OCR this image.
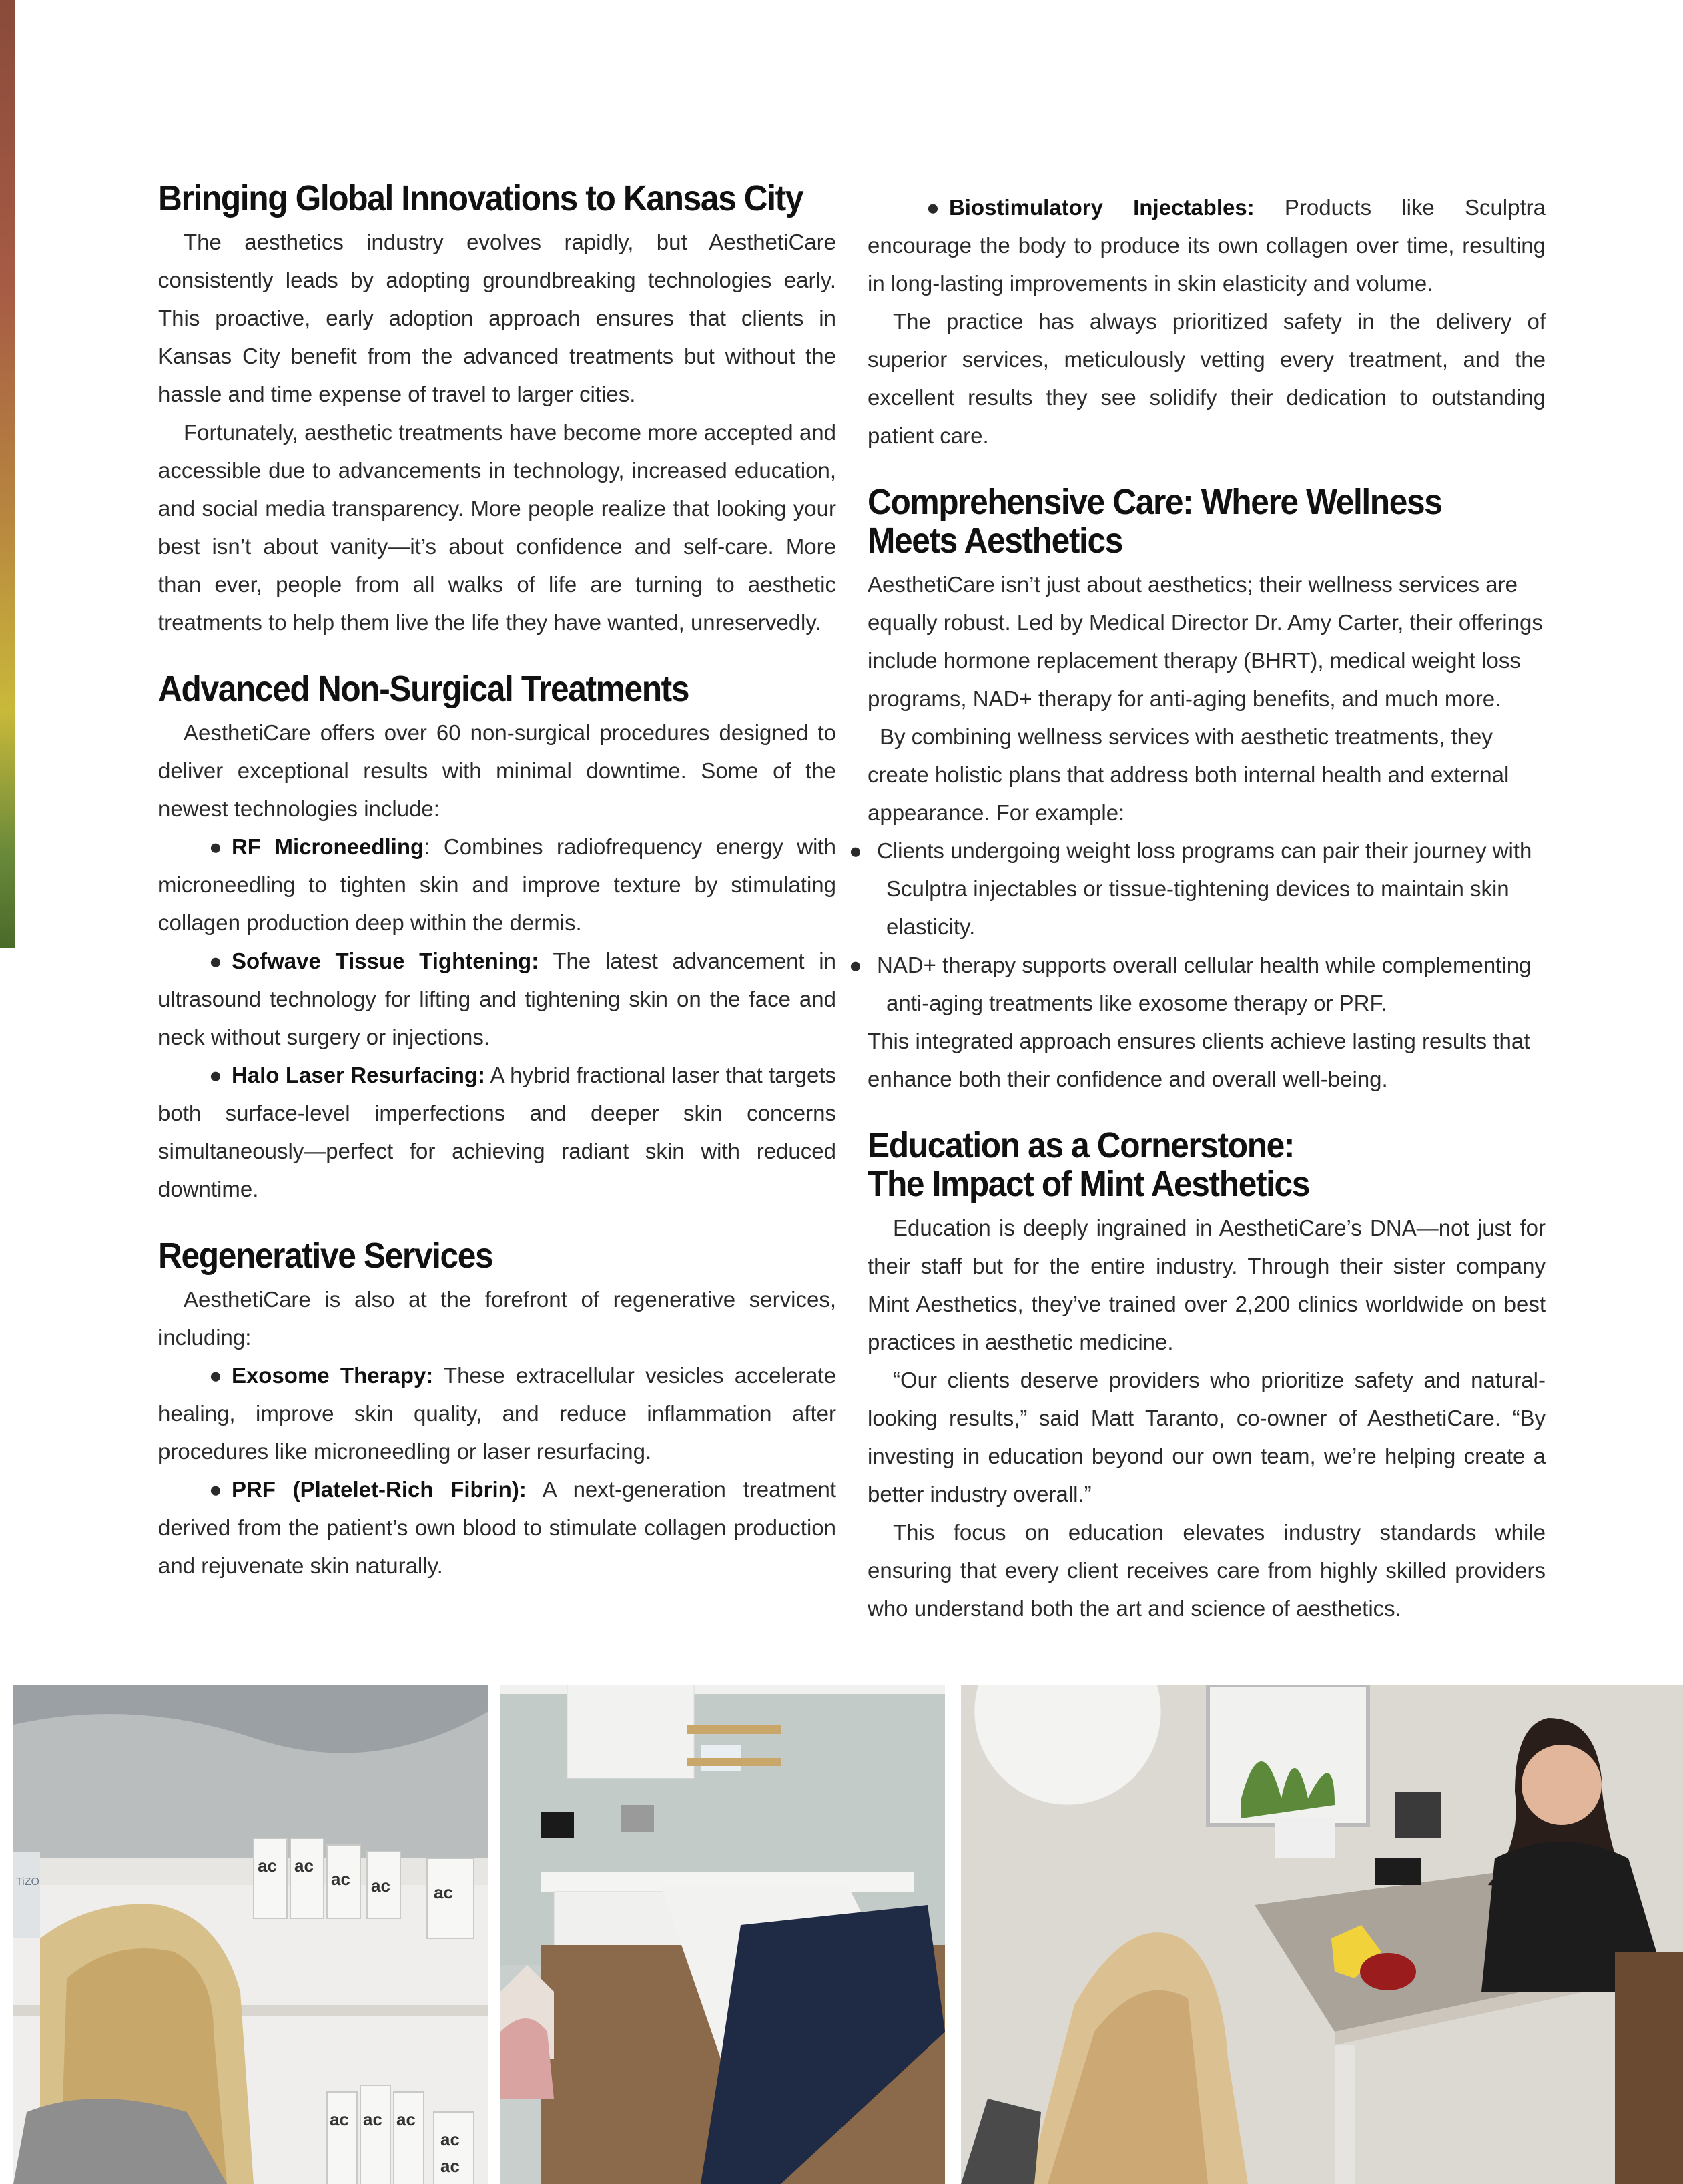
Bringing Global Innovations to Kansas City

The aesthetics industry evolves rapidly, but AesthetiCare consistently leads by adopting groundbreaking technologies early. This proactive, early adoption approach ensures that clients in Kansas City benefit from the advanced treatments but without the hassle and time expense of travel to larger cities.

Fortunately, aesthetic treatments have become more accepted and accessible due to advancements in technology, increased education, and social media transparency. More people realize that looking your best isn’t about vanity—it’s about confidence and self-care. More than ever, people from all walks of life are turning to aesthetic treatments to help them live the life they have wanted, unreservedly.

Advanced Non-Surgical Treatments

AesthetiCare offers over 60 non-surgical procedures designed to deliver exceptional results with minimal downtime. Some of the newest technologies include:

● RF Microneedling: Combines radiofrequency energy with microneedling to tighten skin and improve texture by stimulating collagen production deep within the dermis.

● Sofwave Tissue Tightening: The latest advancement in ultrasound technology for lifting and tightening skin on the face and neck without surgery or injections.

● Halo Laser Resurfacing: A hybrid fractional laser that targets both surface-level imperfections and deeper skin concerns simultaneously—perfect for achieving radiant skin with reduced downtime.

Regenerative Services

AesthetiCare is also at the forefront of regenerative services, including:

● Exosome Therapy: These extracellular vesicles accelerate healing, improve skin quality, and reduce inflammation after procedures like microneedling or laser resurfacing.

● PRF (Platelet-Rich Fibrin): A next-generation treatment derived from the patient’s own blood to stimulate collagen production and rejuvenate skin naturally.

● Biostimulatory Injectables: Products like Sculptra encourage the body to produce its own collagen over time, resulting in long-lasting improvements in skin elasticity and volume.

The practice has always prioritized safety in the delivery of superior services, meticulously vetting every treatment, and the excellent results they see solidify their dedication to outstanding patient care.

Comprehensive Care: Where Wellness
Meets Aesthetics

AesthetiCare isn’t just about aesthetics; their wellness services are equally robust. Led by Medical Director Dr. Amy Carter, their offerings include hormone replacement therapy (BHRT), medical weight loss programs, NAD+ therapy for anti-aging benefits, and much more.

By combining wellness services with aesthetic treatments, they create holistic plans that address both internal health and external appearance. For example:

● Clients undergoing weight loss programs can pair their journey with Sculptra injectables or tissue-tightening devices to maintain skin elasticity.

● NAD+ therapy supports overall cellular health while complementing anti-aging treatments like exosome therapy or PRF.

This integrated approach ensures clients achieve lasting results that enhance both their confidence and overall well-being.

Education as a Cornerstone:
The Impact of Mint Aesthetics

Education is deeply ingrained in AesthetiCare’s DNA—not just for their staff but for the entire industry. Through their sister company Mint Aesthetics, they’ve trained over 2,200 clinics worldwide on best practices in aesthetic medicine.

“Our clients deserve providers who prioritize safety and natural-looking results,” said Matt Taranto, co-owner of AesthetiCare. “By investing in education beyond our own team, we’re helping create a better industry overall.”

This focus on education elevates industry standards while ensuring that every client receives care from highly skilled providers who understand both the art and science of aesthetics.

ac ac
ac ac	ac
ac ac ac
ac
ac
TiZO
